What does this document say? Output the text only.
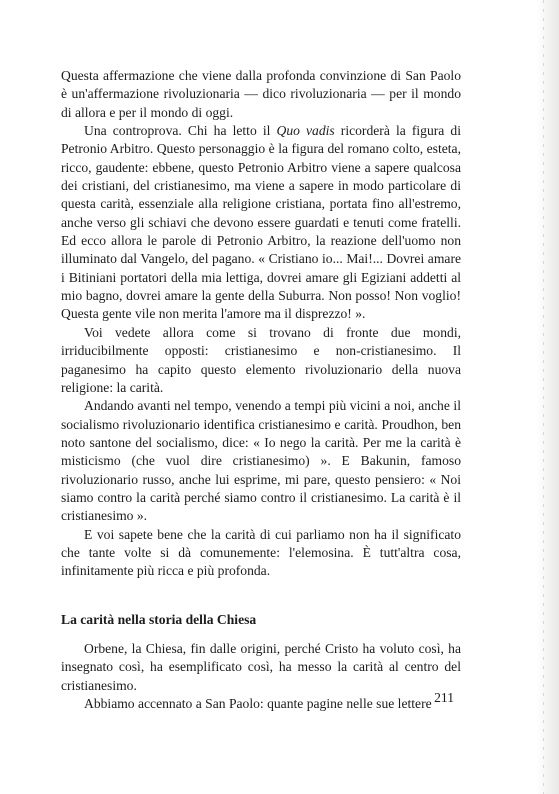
Questa affermazione che viene dalla profonda convinzione di San Paolo è un'affermazione rivoluzionaria — dico rivoluzionaria — per il mondo di allora e per il mondo di oggi.

Una controprova. Chi ha letto il Quo vadis ricorderà la figura di Petronio Arbitro. Questo personaggio è la figura del romano colto, esteta, ricco, gaudente: ebbene, questo Petronio Arbitro viene a sapere qualcosa dei cristiani, del cristianesimo, ma viene a sapere in modo particolare di questa carità, essenziale alla religione cristiana, portata fino all'estremo, anche verso gli schiavi che devono essere guardati e tenuti come fratelli. Ed ecco allora le parole di Petronio Arbitro, la reazione dell'uomo non illuminato dal Vangelo, del pagano. « Cristiano io... Mai!... Dovrei amare i Bitiniani portatori della mia lettiga, dovrei amare gli Egiziani addetti al mio bagno, dovrei amare la gente della Suburra. Non posso! Non voglio! Questa gente vile non merita l'amore ma il disprezzo! ».

Voi vedete allora come si trovano di fronte due mondi, irriducibilmente opposti: cristianesimo e non-cristianesimo. Il paganesimo ha capito questo elemento rivoluzionario della nuova religione: la carità.

Andando avanti nel tempo, venendo a tempi più vicini a noi, anche il socialismo rivoluzionario identifica cristianesimo e carità. Proudhon, ben noto santone del socialismo, dice: « Io nego la carità. Per me la carità è misticismo (che vuol dire cristianesimo) ». E Bakunin, famoso rivoluzionario russo, anche lui esprime, mi pare, questo pensiero: « Noi siamo contro la carità perché siamo contro il cristianesimo. La carità è il cristianesimo ».

E voi sapete bene che la carità di cui parliamo non ha il significato che tante volte si dà comunemente: l'elemosina. È tutt'altra cosa, infinitamente più ricca e più profonda.

La carità nella storia della Chiesa

Orbene, la Chiesa, fin dalle origini, perché Cristo ha voluto così, ha insegnato così, ha esemplificato così, ha messo la carità al centro del cristianesimo.

Abbiamo accennato a San Paolo: quante pagine nelle sue lettere 211
